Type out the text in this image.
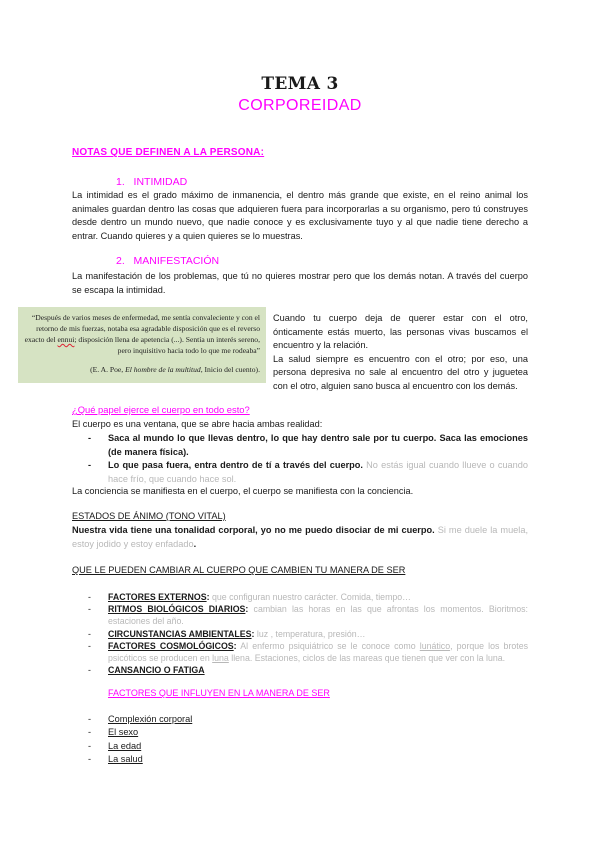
TEMA 3
CORPOREIDAD
NOTAS QUE DEFINEN A LA PERSONA:
1. INTIMIDAD
La intimidad es el grado máximo de inmanencia, el dentro más grande que existe, en el reino animal los animales guardan dentro las cosas que adquieren fuera para incorporarlas a su organismo, pero tú construyes desde dentro un mundo nuevo, que nadie conoce y es exclusivamente tuyo y al que nadie tiene derecho a entrar. Cuando quieres y a quien quieres se lo muestras.
2. MANIFESTACIÓN
La manifestación de los problemas, que tú no quieres mostrar pero que los demás notan. A través del cuerpo se escapa la intimidad.
“Después de varios meses de enfermedad, me sentía convaleciente y con el retorno de mis fuerzas, notaba esa agradable disposición que es el reverso exacto del ennui; disposición llena de apetencia (...). Sentía un interés sereno, pero inquisitivo hacia todo lo que me rodeaba”
(E. A. Poe, El hombre de la multitud, Inicio del cuento).
Cuando tu cuerpo deja de querer estar con el otro, ónticamente estás muerto, las personas vivas buscamos el encuentro y la relación.
La salud siempre es encuentro con el otro; por eso, una persona depresiva no sale al encuentro del otro y juguetea con el otro, alguien sano busca al encuentro con los demás.
¿Qué papel ejerce el cuerpo en todo esto?
El cuerpo es una ventana, que se abre hacia ambas realidad:
- Saca al mundo lo que llevas dentro, lo que hay dentro sale por tu cuerpo. Saca las emociones (de manera física).
- Lo que pasa fuera, entra dentro de tí a través del cuerpo. No estás igual cuando llueve o cuando hace frío, que cuando hace sol.
La conciencia se manifiesta en el cuerpo, el cuerpo se manifiesta con la conciencia.
ESTADOS DE ÁNIMO (TONO VITAL)
Nuestra vida tiene una tonalidad corporal, yo no me puedo disociar de mi cuerpo. Si me duele la muela, estoy jodido y estoy enfadado.
QUE LE PUEDEN CAMBIAR AL CUERPO QUE CAMBIEN TU MANERA DE SER
- FACTORES EXTERNOS: que configuran nuestro carácter. Comida, tiempo…
- RITMOS BIOLÓGICOS DIARIOS: cambian las horas en las que afrontas los momentos. Bioritmos: estaciones del año.
- CIRCUNSTANCIAS AMBIENTALES: luz , temperatura, presión…
- FACTORES COSMOLÓGICOS: Al enfermo psiquiátrico se le conoce como lunático, porque los brotes psicóticos se producen en luna llena. Estaciones, ciclos de las mareas que tienen que ver con la luna.
- CANSANCIO O FATIGA
FACTORES QUE INFLUYEN EN LA MANERA DE SER
- Complexión corporal
- El sexo
- La edad
- La salud
